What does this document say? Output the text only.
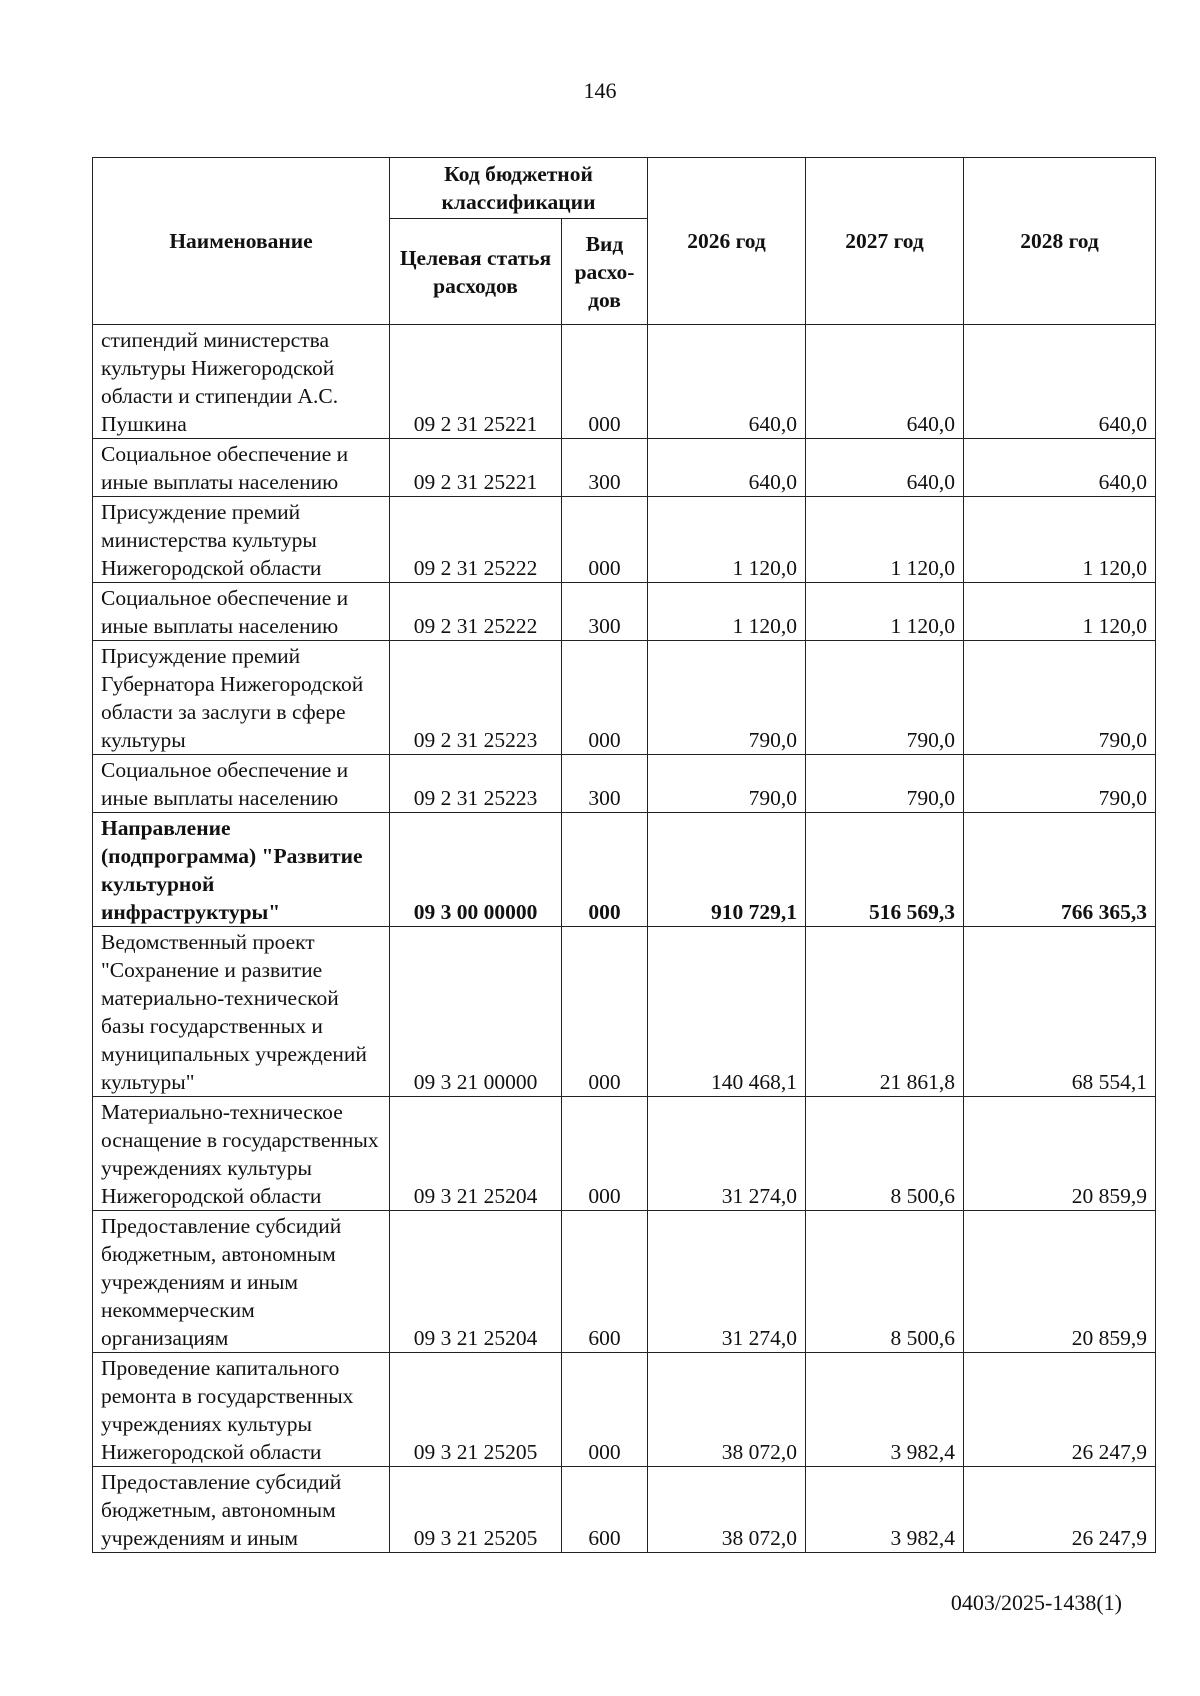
146
Наименование	Код бюджетной классификации		2026 год	2027 год	2028 год
	Целевая статья расходов	Вид расхо-дов			
стипендий министерства культуры Нижегородской области и стипендии А.С. Пушкина	09 2 31 25221	000	640,0	640,0	640,0
Социальное обеспечение и иные выплаты населению	09 2 31 25221	300	640,0	640,0	640,0
Присуждение премий министерства культуры Нижегородской области	09 2 31 25222	000	1 120,0	1 120,0	1 120,0
Социальное обеспечение и иные выплаты населению	09 2 31 25222	300	1 120,0	1 120,0	1 120,0
Присуждение премий Губернатора Нижегородской области за заслуги в сфере культуры	09 2 31 25223	000	790,0	790,0	790,0
Социальное обеспечение и иные выплаты населению	09 2 31 25223	300	790,0	790,0	790,0
Направление (подпрограмма) "Развитие культурной инфраструктуры"	09 3 00 00000	000	910 729,1	516 569,3	766 365,3
Ведомственный проект "Сохранение и развитие материально-технической базы государственных и муниципальных учреждений культуры"	09 3 21 00000	000	140 468,1	21 861,8	68 554,1
Материально-техническое оснащение в государственных учреждениях культуры Нижегородской области	09 3 21 25204	000	31 274,0	8 500,6	20 859,9
Предоставление субсидий бюджетным, автономным учреждениям и иным некоммерческим организациям	09 3 21 25204	600	31 274,0	8 500,6	20 859,9
Проведение капитального ремонта в государственных учреждениях культуры Нижегородской области	09 3 21 25205	000	38 072,0	3 982,4	26 247,9
Предоставление субсидий бюджетным, автономным учреждениям и иным	09 3 21 25205	600	38 072,0	3 982,4	26 247,9
0403/2025-1438(1)
